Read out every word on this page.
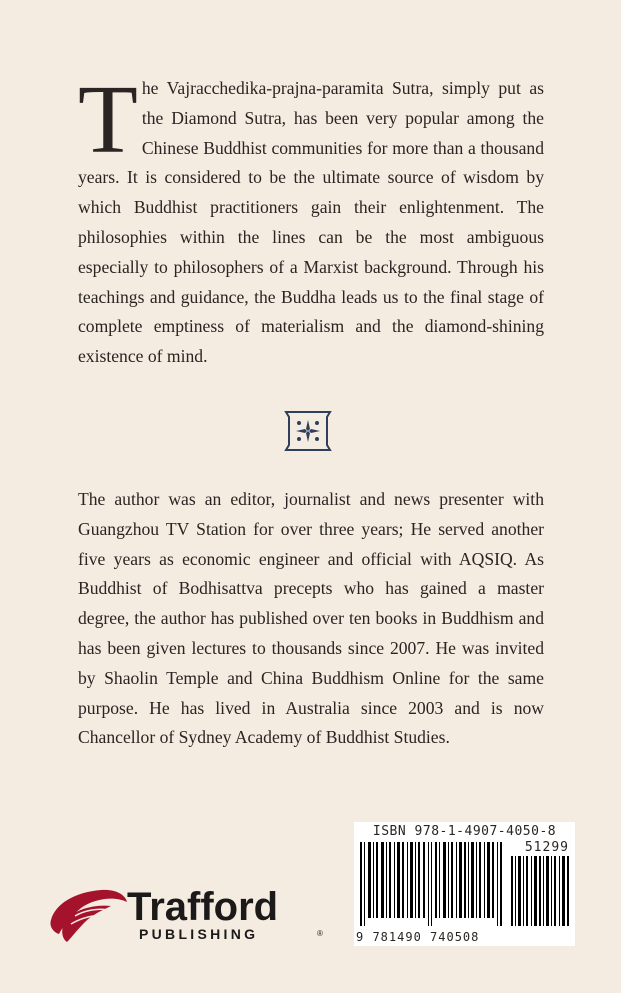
The Vajracchedika-prajna-paramita Sutra, simply put as the Diamond Sutra, has been very popular among the Chinese Buddhist communities for more than a thousand years. It is considered to be the ultimate source of wisdom by which Buddhist practitioners gain their enlightenment. The philosophies within the lines can be the most ambiguous especially to philosophers of a Marxist background. Through his teachings and guidance, the Buddha leads us to the final stage of complete emptiness of materialism and the diamond-shining existence of mind.
The author was an editor, journalist and news presenter with Guangzhou TV Station for over three years; He served another five years as economic engineer and official with AQSIQ. As Buddhist of Bodhisattva precepts who has gained a master degree, the author has published over ten books in Buddhism and has been given lectures to thousands since 2007. He was invited by Shaolin Temple and China Buddhism Online for the same purpose. He has lived in Australia since 2003 and is now Chancellor of Sydney Academy of Buddhist Studies.
ISBN 978-1-4907-4050-8
51299
9 781490 740508
Trafford
PUBLISHING	®
